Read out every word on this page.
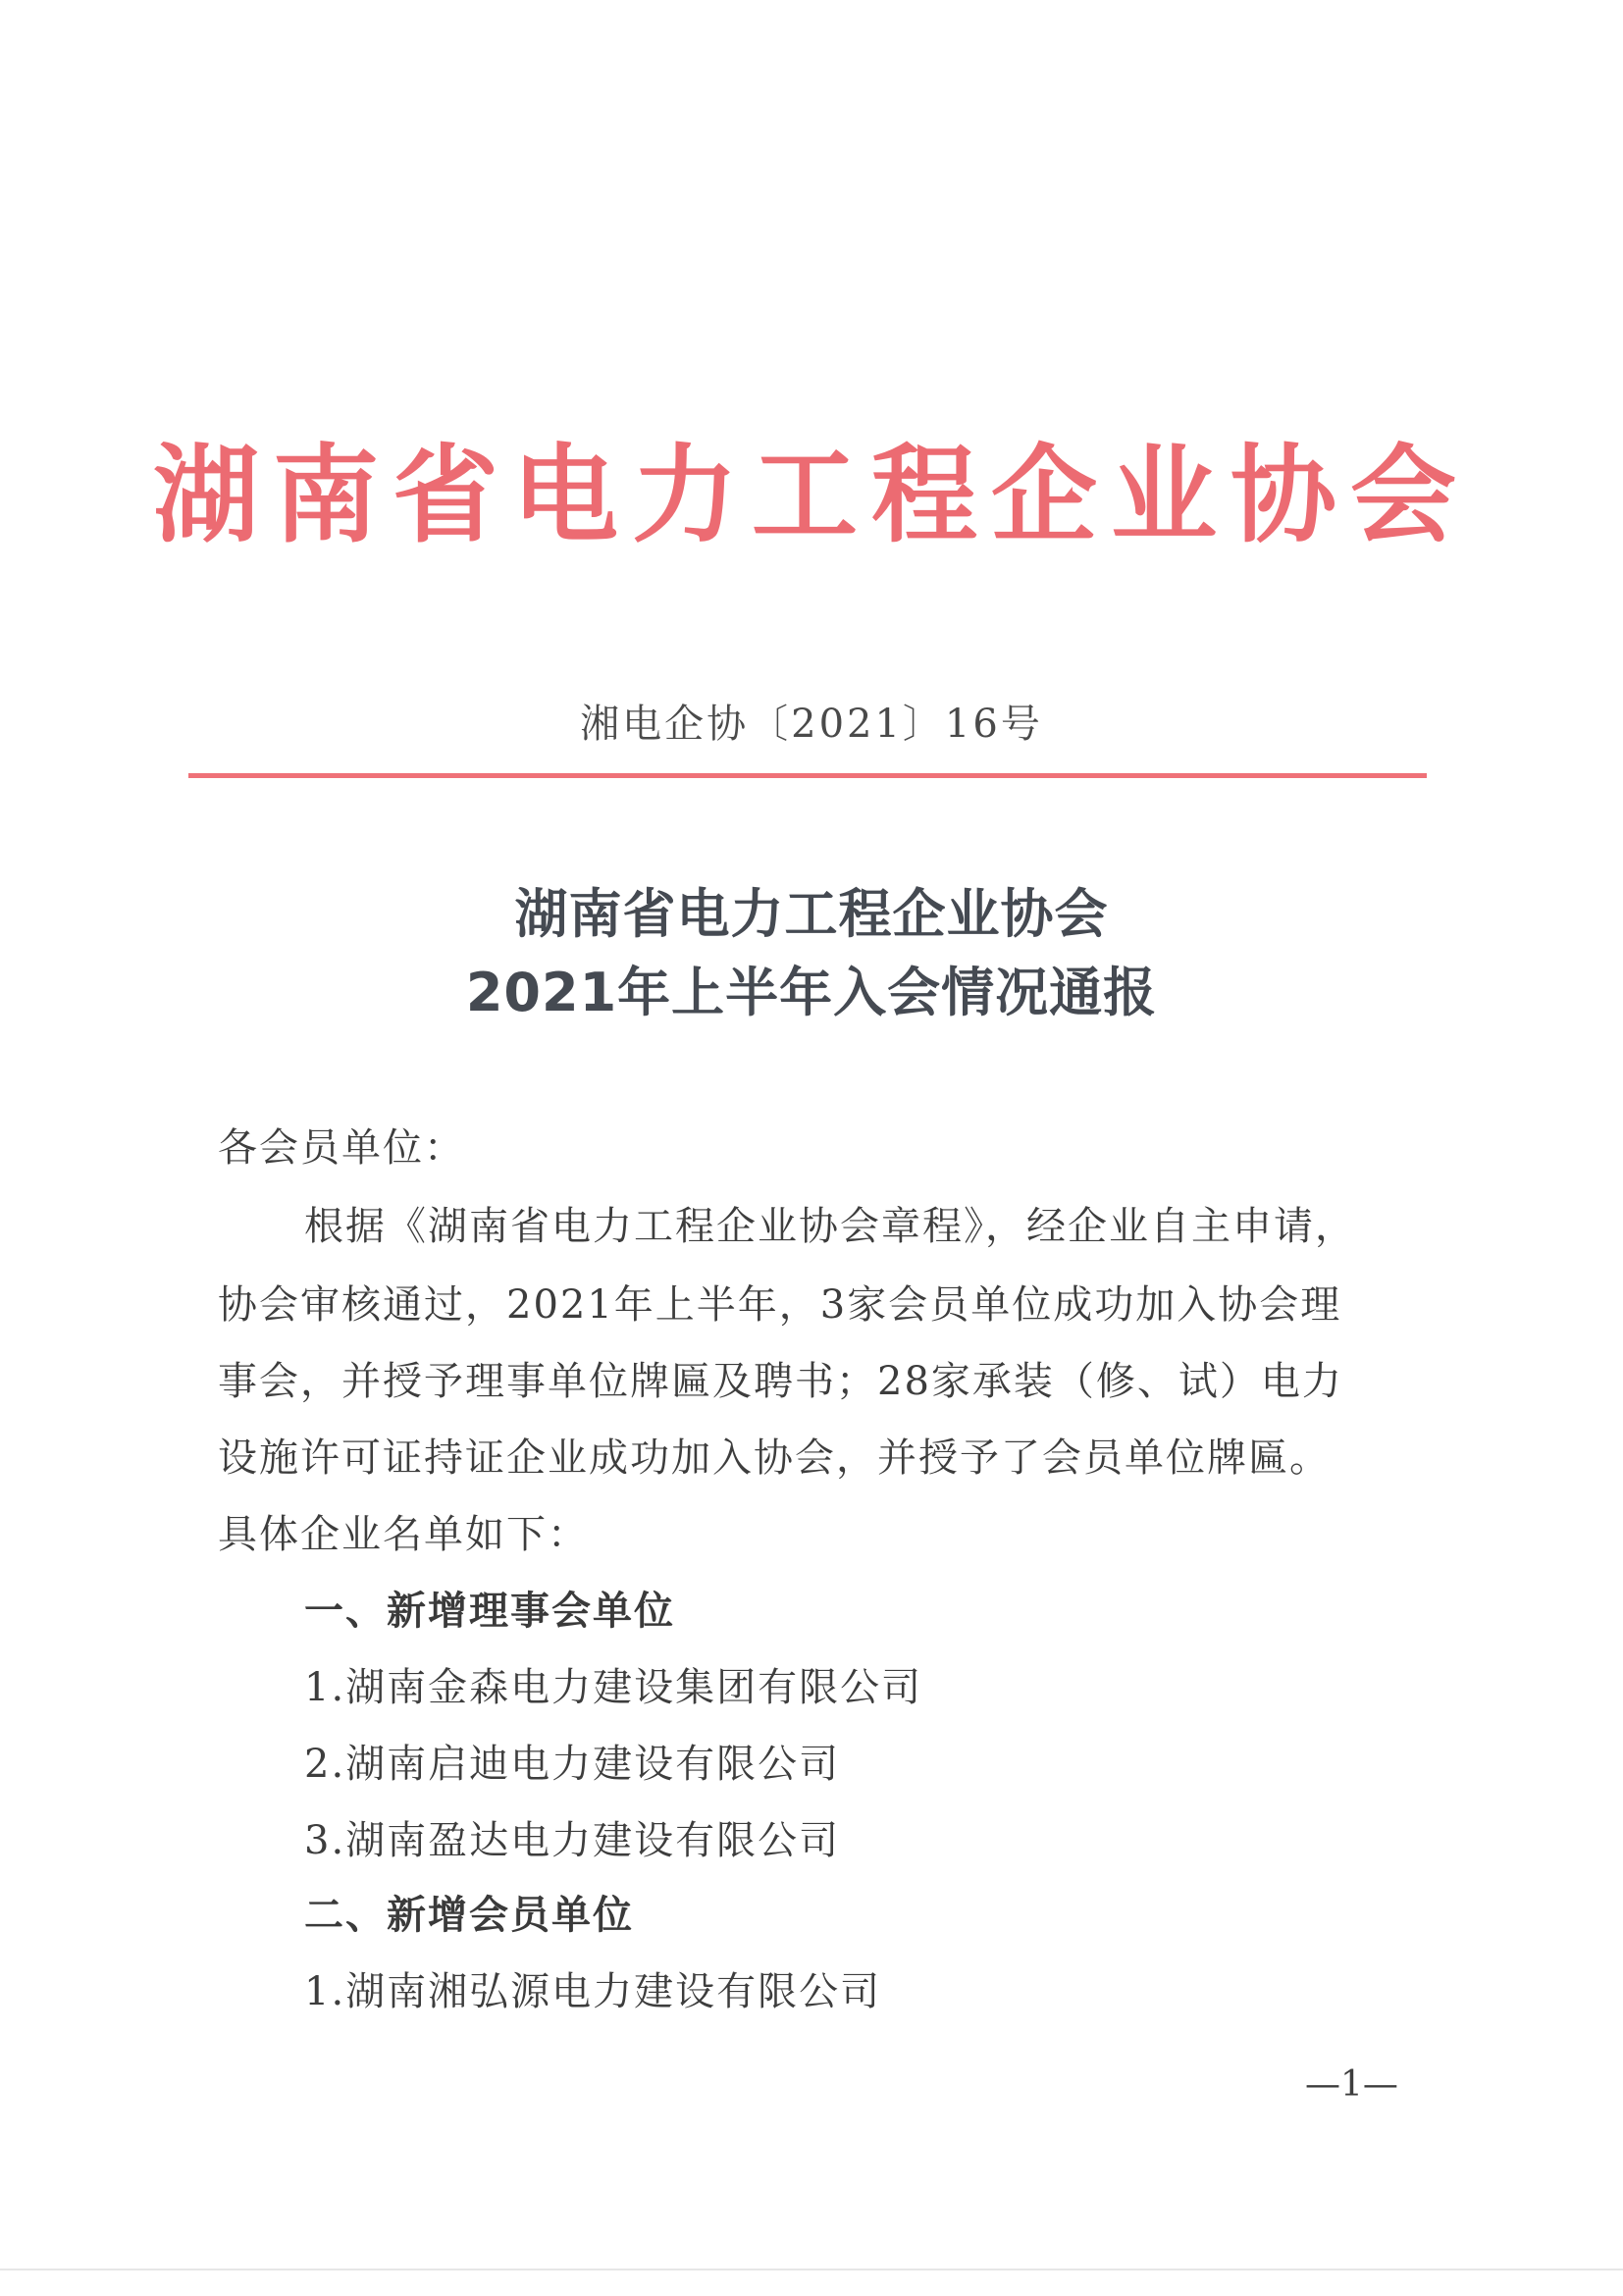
湖南省电力工程企业协会
湘电企协〔2021〕16号
湖南省电力工程企业协会
2021年上半年入会情况通报
各会员单位：
根据《湖南省电力工程企业协会章程》，经企业自主申请，
协会审核通过，2021年上半年，3家会员单位成功加入协会理
事会，并授予理事单位牌匾及聘书；28家承装（修、试）电力
设施许可证持证企业成功加入协会，并授予了会员单位牌匾。
具体企业名单如下：
一、新增理事会单位
1.湖南金森电力建设集团有限公司
2.湖南启迪电力建设有限公司
3.湖南盈达电力建设有限公司
二、新增会员单位
1.湖南湘弘源电力建设有限公司
—1—
